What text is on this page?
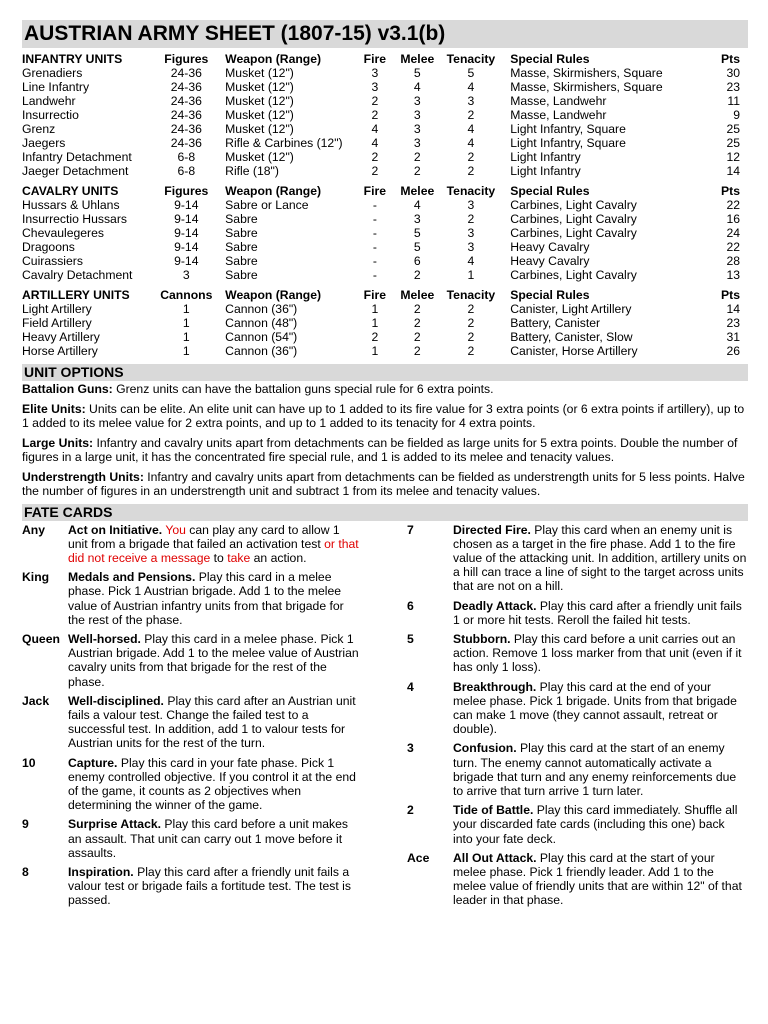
AUSTRIAN ARMY SHEET (1807-15) v3.1(b)
INFANTRY UNITS	Figures	Weapon (Range)	Fire	Melee	Tenacity	Special Rules	Pts
Grenadiers	24-36	Musket (12")	3	5	5	Masse, Skirmishers, Square	30
Line Infantry	24-36	Musket (12")	3	4	4	Masse, Skirmishers, Square	23
Landwehr	24-36	Musket (12")	2	3	3	Masse, Landwehr	11
Insurrectio	24-36	Musket (12")	2	3	2	Masse, Landwehr	9
Grenz	24-36	Musket (12")	4	3	4	Light Infantry, Square	25
Jaegers	24-36	Rifle & Carbines (12")	4	3	4	Light Infantry, Square	25
Infantry Detachment	6-8	Musket (12")	2	2	2	Light Infantry	12
Jaeger Detachment	6-8	Rifle (18")	2	2	2	Light Infantry	14

CAVALRY UNITS	Figures	Weapon (Range)	Fire	Melee	Tenacity	Special Rules	Pts
Hussars & Uhlans	9-14	Sabre or Lance	-	4	3	Carbines, Light Cavalry	22
Insurrectio Hussars	9-14	Sabre	-	3	2	Carbines, Light Cavalry	16
Chevaulegeres	9-14	Sabre	-	5	3	Carbines, Light Cavalry	24
Dragoons	9-14	Sabre	-	5	3	Heavy Cavalry	22
Cuirassiers	9-14	Sabre	-	6	4	Heavy Cavalry	28
Cavalry Detachment	3	Sabre	-	2	1	Carbines, Light Cavalry	13

ARTILLERY UNITS	Cannons	Weapon (Range)	Fire	Melee	Tenacity	Special Rules	Pts
Light Artillery	1	Cannon (36")	1	2	2	Canister, Light Artillery	14
Field Artillery	1	Cannon (48")	1	2	2	Battery, Canister	23
Heavy Artillery	1	Cannon (54")	2	2	2	Battery, Canister, Slow	31
Horse Artillery	1	Cannon (36")	1	2	2	Canister, Horse Artillery	26
UNIT OPTIONS

Battalion Guns: Grenz units can have the battalion guns special rule for 6 extra points.

Elite Units: Units can be elite. An elite unit can have up to 1 added to its fire value for 3 extra points (or 6 extra points if artillery), up to 1 added to its melee value for 2 extra points, and up to 1 added to its tenacity for 4 extra points.

Large Units: Infantry and cavalry units apart from detachments can be fielded as large units for 5 extra points. Double the number of figures in a large unit, it has the concentrated fire special rule, and 1 is added to its melee and tenacity values.

Understrength Units: Infantry and cavalry units apart from detachments can be fielded as understrength units for 5 less points. Halve the number of figures in an understrength unit and subtract 1 from its melee and tenacity values.

FATE CARDS
Any	Act on Initiative. You can play any card to allow 1 unit from a brigade that failed an activation test or that did not receive a message to take an action.
King	Medals and Pensions. Play this card in a melee phase. Pick 1 Austrian brigade. Add 1 to the melee value of Austrian infantry units from that brigade for the rest of the phase.
Queen Well-horsed. Play this card in a melee phase. Pick 1 Austrian brigade. Add 1 to the melee value of Austrian cavalry units from that brigade for the rest of the phase.
Jack	Well-disciplined. Play this card after an Austrian unit fails a valour test. Change the failed test to a successful test. In addition, add 1 to valour tests for Austrian units for the rest of the turn.
10	Capture. Play this card in your fate phase. Pick 1 enemy controlled objective. If you control it at the end of the game, it counts as 2 objectives when determining the winner of the game.
9	Surprise Attack. Play this card before a unit makes an assault. That unit can carry out 1 move before it assaults.
8	Inspiration. Play this card after a friendly unit fails a valour test or brigade fails a fortitude test. The test is passed.
7	Directed Fire. Play this card when an enemy unit is chosen as a target in the fire phase. Add 1 to the fire value of the attacking unit. In addition, artillery units on a hill can trace a line of sight to the target across units that are not on a hill.
6	Deadly Attack. Play this card after a friendly unit fails 1 or more hit tests. Reroll the failed hit tests.
5	Stubborn. Play this card before a unit carries out an action. Remove 1 loss marker from that unit (even if it has only 1 loss).
4	Breakthrough. Play this card at the end of your melee phase. Pick 1 brigade. Units from that brigade can make 1 move (they cannot assault, retreat or double).
3	Confusion. Play this card at the start of an enemy turn. The enemy cannot automatically activate a brigade that turn and any enemy reinforcements due to arrive that turn arrive 1 turn later.
2	Tide of Battle. Play this card immediately. Shuffle all your discarded fate cards (including this one) back into your fate deck.
Ace	All Out Attack. Play this card at the start of your melee phase. Pick 1 friendly leader. Add 1 to the melee value of friendly units that are within 12" of that leader in that phase.
